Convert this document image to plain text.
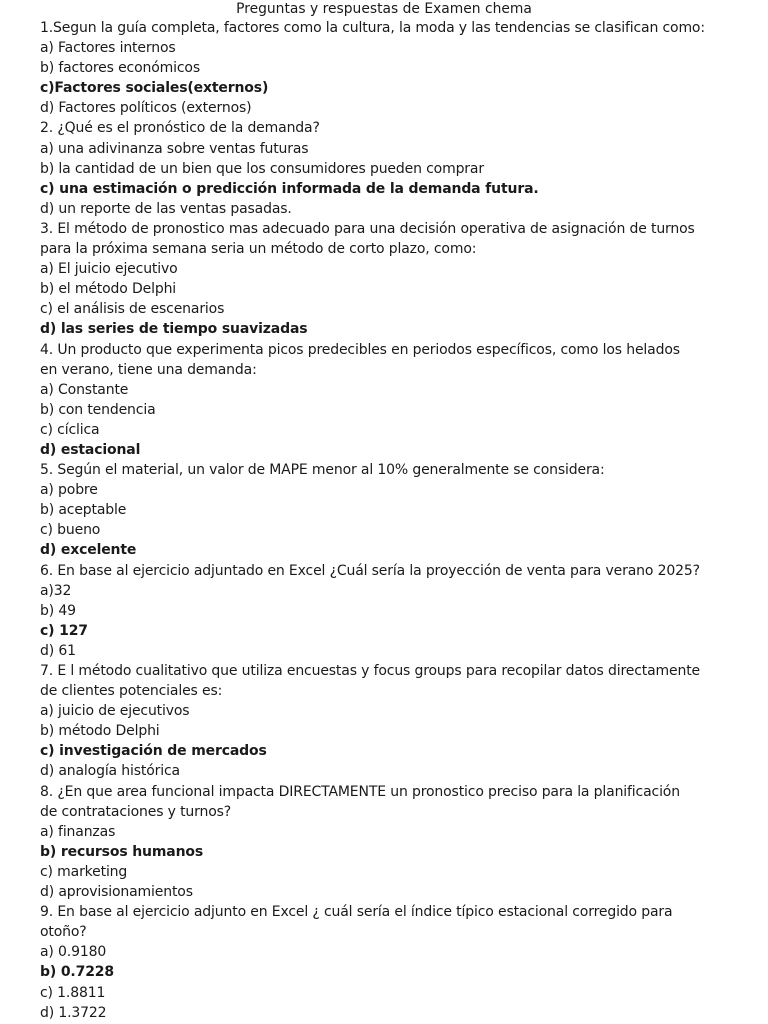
Preguntas y respuestas de Examen chema
1.Segun la guía completa, factores como la cultura, la moda y las tendencias se clasifican como:
a) Factores internos
b) factores económicos
c)Factores sociales(externos)
d) Factores políticos (externos)
2. ¿Qué es el pronóstico de la demanda?
a) una adivinanza sobre ventas futuras
b) la cantidad de un bien que los consumidores pueden comprar
c) una estimación o predicción informada de la demanda futura.
d) un reporte de las ventas pasadas.
3. El método de pronostico mas adecuado para una decisión operativa de asignación de turnos
para la próxima semana seria un método de corto plazo, como:
a) El juicio ejecutivo
b) el método Delphi
c) el análisis de escenarios
d) las series de tiempo suavizadas
4. Un producto que experimenta picos predecibles en periodos específicos, como los helados
en verano, tiene una demanda:
a) Constante
b) con tendencia
c) cíclica
d) estacional
5. Según el material, un valor de MAPE menor al 10% generalmente se considera:
a) pobre
b) aceptable
c) bueno
d) excelente
6. En base al ejercicio adjuntado en Excel ¿Cuál sería la proyección de venta para verano 2025?
a)32
b) 49
c) 127
d) 61
7. E l método cualitativo que utiliza encuestas y focus groups para recopilar datos directamente
de clientes potenciales es:
a) juicio de ejecutivos
b) método Delphi
c) investigación de mercados
d) analogía histórica
8. ¿En que area funcional impacta DIRECTAMENTE un pronostico preciso para la planificación
de contrataciones y turnos?
a) finanzas
b) recursos humanos
c) marketing
d) aprovisionamientos
9. En base al ejercicio adjunto en Excel ¿ cuál sería el índice típico estacional corregido para
otoño?
a) 0.9180
b) 0.7228
c) 1.8811
d) 1.3722
